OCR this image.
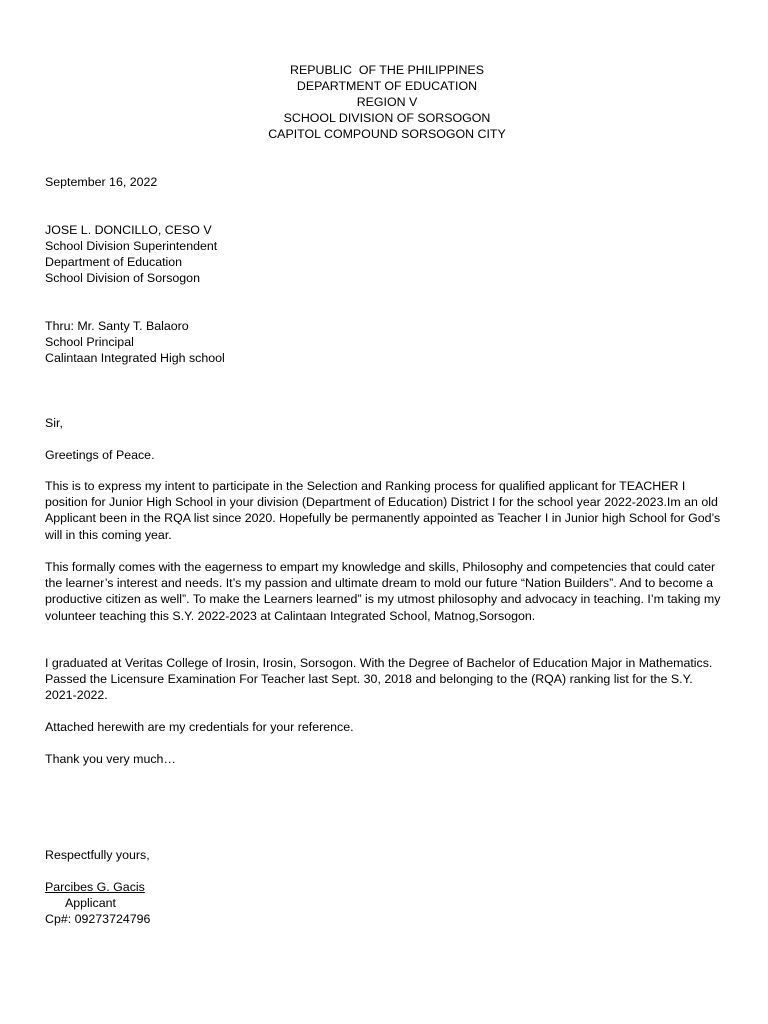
REPUBLIC  OF THE PHILIPPINES
DEPARTMENT OF EDUCATION
REGION V
SCHOOL DIVISION OF SORSOGON
CAPITOL COMPOUND SORSOGON CITY
September 16, 2022
JOSE L. DONCILLO, CESO V
School Division Superintendent
Department of Education
School Division of Sorsogon
Thru: Mr. Santy T. Balaoro
School Principal
Calintaan Integrated High school
Sir,
Greetings of Peace.
This is to express my intent to participate in the Selection and Ranking process for qualified applicant for TEACHER I position for Junior High School in your division (Department of Education) District I for the school year 2022-2023.Im an old Applicant been in the RQA list since 2020. Hopefully be permanently appointed as Teacher I in Junior high School for God’s will in this coming year.
This formally comes with the eagerness to empart my knowledge and skills, Philosophy and competencies that could cater the learner’s interest and needs. It’s my passion and ultimate dream to mold our future “Nation Builders”. And to become a productive citizen as well”. To make the Learners learned” is my utmost philosophy and advocacy in teaching. I’m taking my volunteer teaching this S.Y. 2022-2023 at Calintaan Integrated School, Matnog,Sorsogon.
I graduated at Veritas College of Irosin, Irosin, Sorsogon. With the Degree of Bachelor of Education Major in Mathematics. Passed the Licensure Examination For Teacher last Sept. 30, 2018 and belonging to the (RQA) ranking list for the S.Y. 2021-2022.
Attached herewith are my credentials for your reference.
Thank you very much…
Respectfully yours,
Parcibes G. Gacis
Applicant
Cp#: 09273724796
